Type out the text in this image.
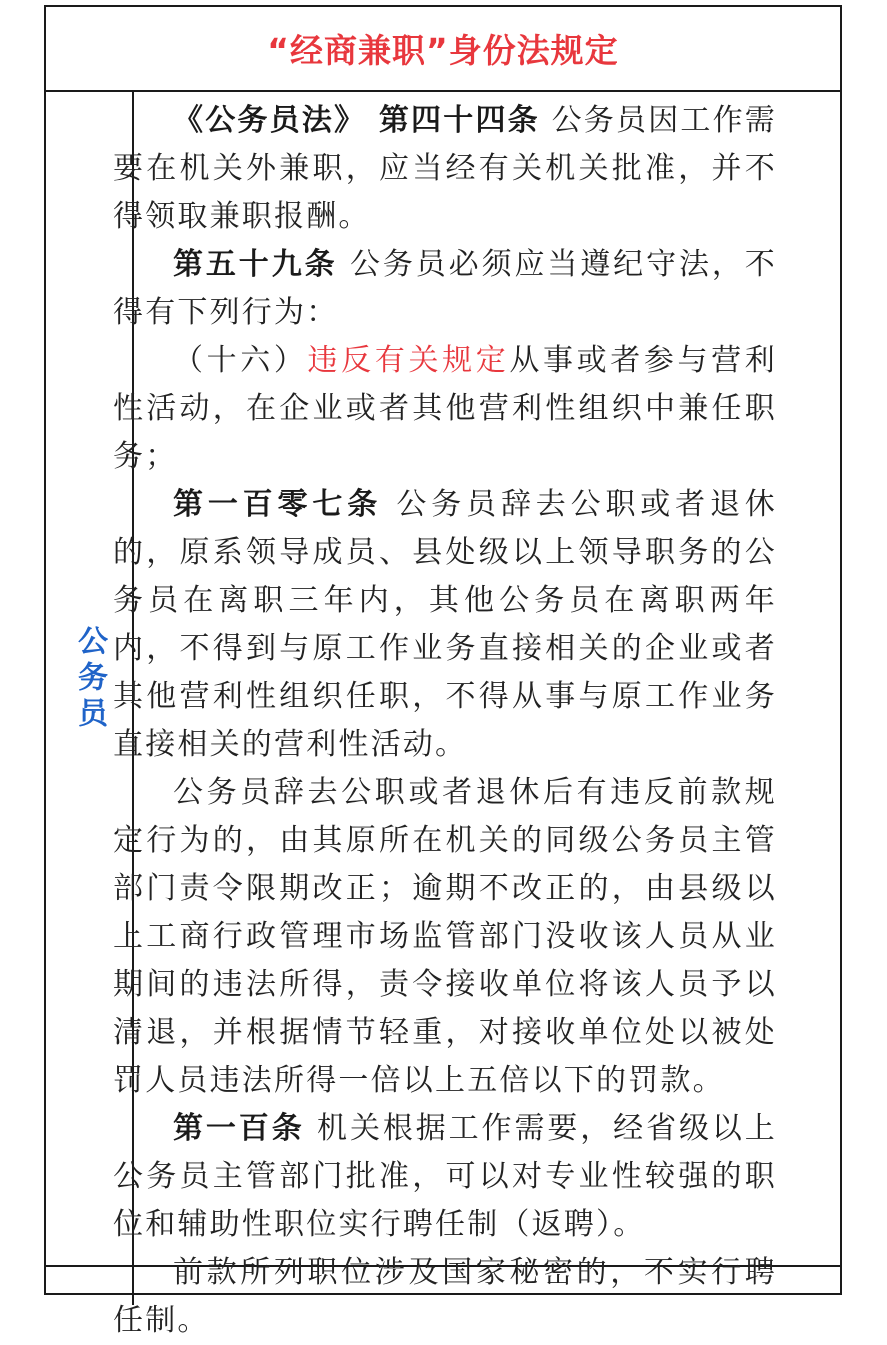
“经商兼职”身份法规定
公务员

《公务员法》 第四十四条 公务员因工作需要在机关外兼职，应当经有关机关批准，并不得领取兼职报酬。

第五十九条 公务员必须应当遵纪守法，不得有下列行为：

（十六）违反有关规定从事或者参与营利性活动，在企业或者其他营利性组织中兼任职务；

第一百零七条 公务员辞去公职或者退休的，原系领导成员、县处级以上领导职务的公务员在离职三年内，其他公务员在离职两年内，不得到与原工作业务直接相关的企业或者其他营利性组织任职，不得从事与原工作业务直接相关的营利性活动。

公务员辞去公职或者退休后有违反前款规定行为的，由其原所在机关的同级公务员主管部门责令限期改正；逾期不改正的，由县级以上工商行政管理市场监管部门没收该人员从业期间的违法所得，责令接收单位将该人员予以清退，并根据情节轻重，对接收单位处以被处罚人员违法所得一倍以上五倍以下的罚款。

第一百条 机关根据工作需要，经省级以上公务员主管部门批准，可以对专业性较强的职位和辅助性职位实行聘任制（返聘）。

前款所列职位涉及国家秘密的，不实行聘任制。
